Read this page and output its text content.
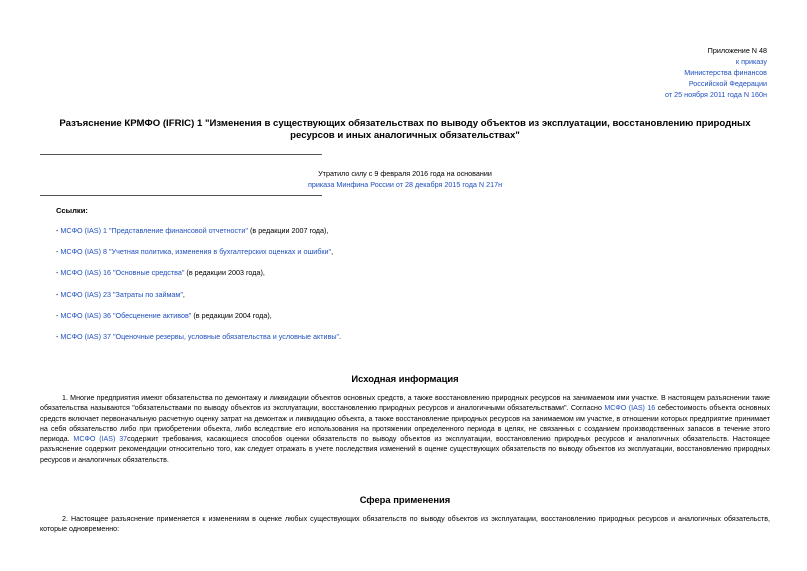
Приложение N 48
к приказу
Министерства финансов
Российской Федерации
от 25 ноября 2011 года N 160н
Разъяснение КРМФО (IFRIC) 1 "Изменения в существующих обязательствах по выводу объектов из эксплуатации, восстановлению природных ресурсов и иных аналогичных обязательствах"
Утратило силу с 9 февраля 2016 года на основании
приказа Минфина России от 28 декабря 2015 года N 217н
Ссылки:
- МСФО (IAS) 1 "Представление финансовой отчетности" (в редакции 2007 года),
- МСФО (IAS) 8 "Учетная политика, изменения в бухгалтерских оценках и ошибки",
- МСФО (IAS) 16 "Основные средства" (в редакции 2003 года),
- МСФО (IAS) 23 "Затраты по займам",
- МСФО (IAS) 36 "Обесценение активов" (в редакции 2004 года),
- МСФО (IAS) 37 "Оценочные резервы, условные обязательства и условные активы".
Исходная информация
1. Многие предприятия имеют обязательства по демонтажу и ликвидации объектов основных средств, а также восстановлению природных ресурсов на занимаемом ими участке. В настоящем разъяснении такие обязательства называются "обязательствами по выводу объектов из эксплуатации, восстановлению природных ресурсов и аналогичными обязательствами". Согласно МСФО (IAS) 16 себестоимость объекта основных средств включает первоначальную расчетную оценку затрат на демонтаж и ликвидацию объекта, а также восстановление природных ресурсов на занимаемом им участке, в отношении которых предприятие принимает на себя обязательство либо при приобретении объекта, либо вследствие его использования на протяжении определенного периода в целях, не связанных с созданием производственных запасов в течение этого периода. МСФО (IAS) 37содержит требования, касающиеся способов оценки обязательств по выводу объектов из эксплуатации, восстановлению природных ресурсов и аналогичных обязательств. Настоящее разъяснение содержит рекомендации относительно того, как следует отражать в учете последствия изменений в оценке существующих обязательств по выводу объектов из эксплуатации, восстановлению природных ресурсов и аналогичных обязательств.
Сфера применения
2. Настоящее разъяснение применяется к изменениям в оценке любых существующих обязательств по выводу объектов из эксплуатации, восстановлению природных ресурсов и аналогичных обязательств, которые одновременно:
